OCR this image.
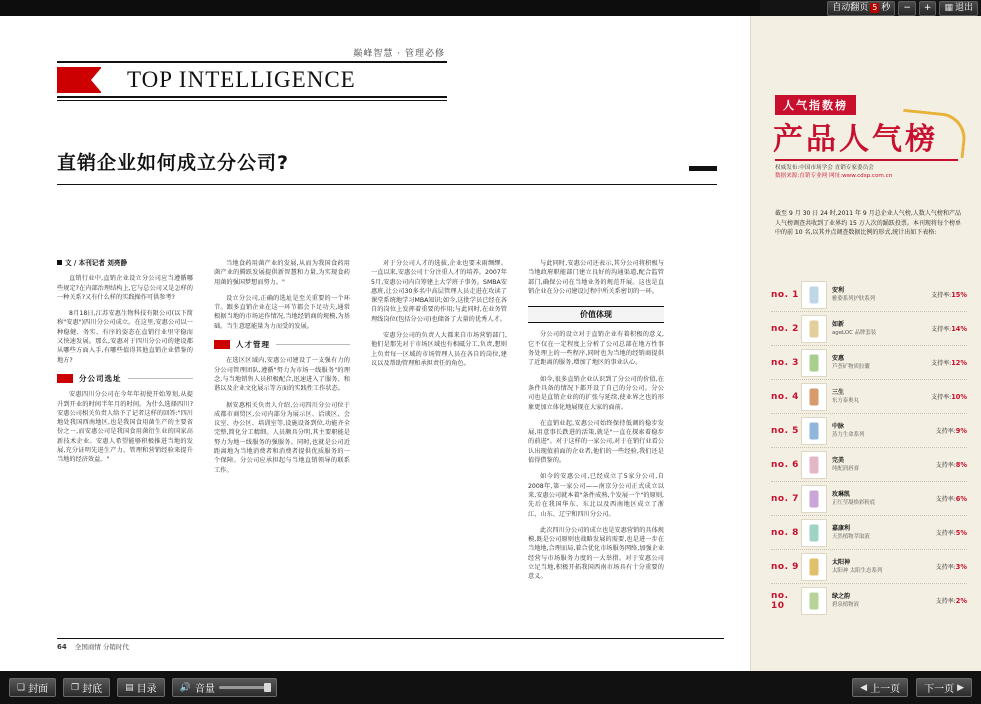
自动翻页 5 秒	−	+	▦ 退出
巅峰智慧 · 管理必修
TOP INTELLIGENCE
直销企业如何成立分公司?
文 / 本刊记者 刘亮静

直销行业中,直销企业设立分公司应当遵循哪些规定?在内部治理结构上,它与总公司又是怎样的一种关系?又有什么样的实践操作可供参考?

8月18日,江苏安惠生物科技有限公司(以下简称"安惠")四川分公司成立。在这里,安惠公司以一种稳健、务实、有序的姿态在直销行业里守稳而又快速发展。那么,安惠对于四川分公司的建设都从哪些方面入手,有哪些值得其他直销企业借鉴的地方?

分公司选址

安惠四川分公司在今年年初使开始筹划,从提升到开业的时间半年月的时间。为什么选择四川?安惠公司相关负责人给予了记者这样的回答:"四川地处我国西南地区,也是我国食用菌生产的主要省份之一,而安惠公司是我国食用菌衍生业的国家高新技术企业。安惠人希望能够积极推进当地的发展,充分证明先进生产力、管理和营销经验来提升当地的经济效益。"

当地食药用菌产业的发展,从而为我国食药用菌产业的腾跃发展提供新智慧和力量,为实现食药用菌的强国梦想而努力。"

设立分公司,正确的选址是至关重要的一个环节。跟多直销企业在这一环节都会下足功夫,通常根据当地的市场运作情况,当地经销商的规模,为基础。当生意愿能量为力而受的发展。

人才管理

在选区区域内,安惠公司建设了一支强有力的分公司管理团队,遵循"努力为市场一线服务"的理念,与当地销售人员积极配合,迅速进入了服务、和谐以及企业文化展示等方面的实践性工作状态。

据安惠相关负责人介绍,公司四川分公司位于成都市商贸区,公司内部分为展示区、洽谈区、会议室、办公区、培训室等,设施设备到位,功能齐全完整,简化分工精细。人员颇具分明,其主要职能是努力为地一线服务的强服务。同时,也就是公司近距离地为当地消费者和消费者提供优质服务的一个保障。分公司应承担起与当地直销领导的联系工作。

对于分公司人才的选拔,企业也要未雨绸缪。一直以来,安惠公司十分注重人才的培养。2007年5月,安惠公司内自筹建上大学班子事务。SMBA安惠班,让公司30多名中高层管理人员走进在攻读了课堂系统地学习MBA知识;如今,这批学员已经在各自的岗位上发挥着重要的作用;与此同时,在业务管理线岗位(包括分公司)也储备了大量的优秀人才。

安惠分公司的负责人大都来自市场营销部门,他们是那先对于市场区域也有相砥分工,负责,想则上负责每一区域的市场管理人员在各自的岗位,建议以及帮助管理和承担责任的角色。

与此同时,安惠公司还表示,其分公司将积极与当地政府职能部门建立良好的沟通渠道,配合监管部门,确保公司在当地业务的规范开展。这也是直销企业在分公司建设过程中所关系密切的一环。

价值体现

分公司的设立对于直销企业有着积极的意义,它不仅在一定程度上分析了公司总部在地方性事务处理上的一些程序,同时也为当地的经销商提供了近距离的服务,增加了地区的事业认心。

如今,很多直销企业认识到了分公司的价值,在条件具备的情况下都开设了自己的分公司。分公司也是直销企业的的扩张与延续,使业界之也的形象更加立体化地展现在大家的面前。

在直销业起,安惠公司始终保持低调的稳步发展,用意事长跌进的活策,就是"一直在探索着稳步的前进"。对于这样的一家公司,对于在销行业看公认出现值前面的企业者,他们的一些经验,我们还是值得借鉴的。

如今的安惠公司,已经成立了5家分公司,自2008年,第一家公司——南京分公司正式成立以来,安惠公司就本着"条件成熟,个发展一个"的原则,先后在我国华东、东北以及西南地区成立了浙江、山东、辽宁和四川分公司。

此次四川分公司的成立也是安惠营销的具体规模,既是公司原则也战略发展的需要,也是进一步在当地地,合理而局,着合优化市场服务网络,加强企业经营与市场服务力度的一大举措。对于安惠公司立足当地,积极开拓我国西南市场具有十分重要的意义。

64 全国商情 分销时代
人气指数榜
产品人气榜
权威发布:中国市场学会 直销专家委员会
数据来源:直销专业网 网址:www.cdsp.com.cn
截至 9 月 30 日 24 时,2011 年 9 月总企业人气榜,人数人气榜和产品人气榜调查共收到了业界约 15 万人次的踊跃投票。本刊现将每个榜单中的前 10 名,以其并点调查数据比例的形式,统计出如下表格:
no. 1	安利
雅姿系列护肤系列	支持率:15%
no. 2	如新
ageLOC 品牌套装	支持率:14%
no. 3	安惠
芦荟矿物质胶囊	支持率:12%
no. 4	三生
东方泰奥丸	支持率:10%
no. 5	中脉
蒸力生命系列	支持率:9%
no. 6	完美
纯配润唇膏	支持率:8%
no. 7	玫琳凯
正红莹凝焕彩粉底	支持率:6%
no. 8	嘉康利
天然植物萃取液	支持率:5%
no. 9	太阳神
太阳神 太阳生态系列	支持率:3%
no. 10
绿之韵
碧泉植物液	支持率:2%
❏ 封面	❐ 封底	▤ 目录	🔊 音量	◀ 上一页 下一页 ▶
